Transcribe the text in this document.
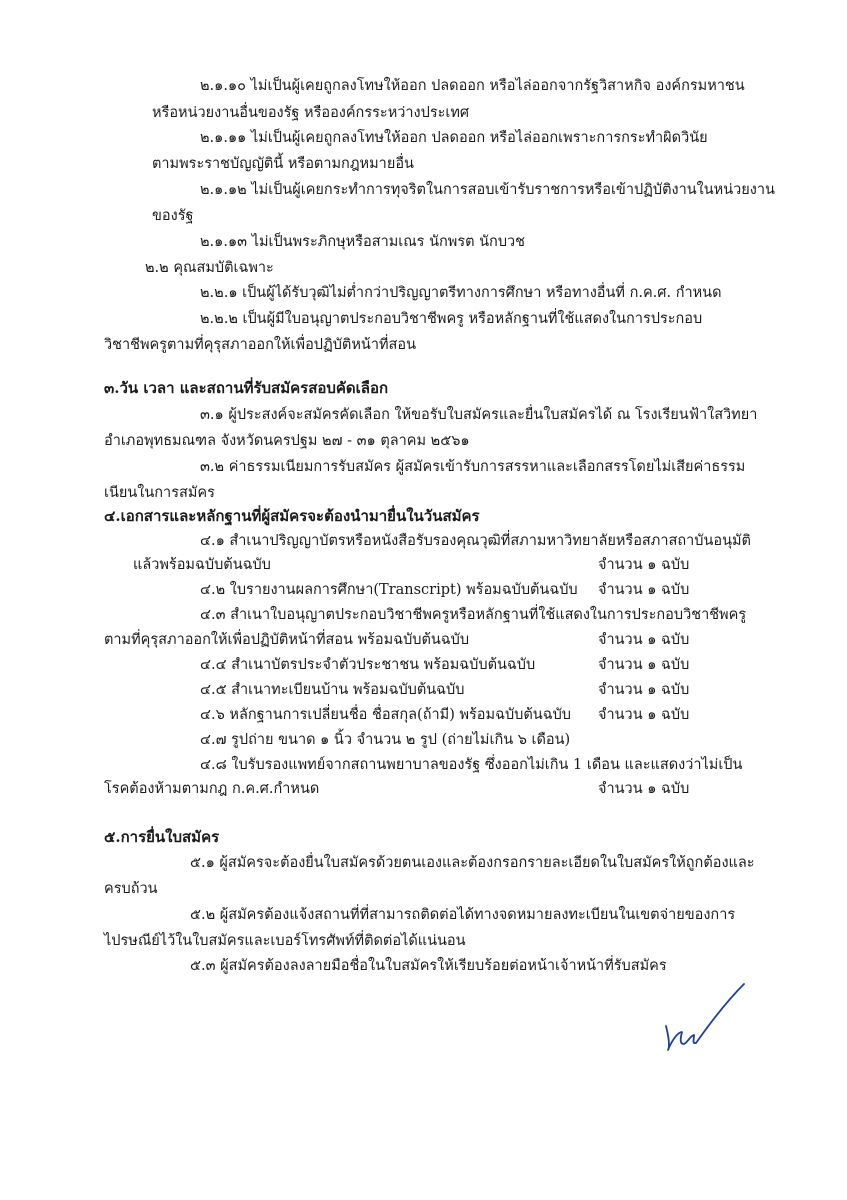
๒.๑.๑๐ ไม่เป็นผู้เคยถูกลงโทษให้ออก ปลดออก หรือไล่ออกจากรัฐวิสาหกิจ องค์กรมหาชน
หรือหน่วยงานอื่นของรัฐ หรือองค์กรระหว่างประเทศ
๒.๑.๑๑ ไม่เป็นผู้เคยถูกลงโทษให้ออก ปลดออก หรือไล่ออกเพราะการกระทำผิดวินัย
ตามพระราชบัญญัตินี้ หรือตามกฎหมายอื่น
๒.๑.๑๒ ไม่เป็นผู้เคยกระทำการทุจริตในการสอบเข้ารับราชการหรือเข้าปฏิบัติงานในหน่วยงาน
ของรัฐ
๒.๑.๑๓ ไม่เป็นพระภิกษุหรือสามเณร นักพรต นักบวช
๒.๒ คุณสมบัติเฉพาะ
๒.๒.๑ เป็นผู้ได้รับวุฒิไม่ต่ำกว่าปริญญาตรีทางการศึกษา หรือทางอื่นที่ ก.ค.ศ. กำหนด
๒.๒.๒ เป็นผู้มีใบอนุญาตประกอบวิชาชีพครู หรือหลักฐานที่ใช้แสดงในการประกอบ
วิชาชีพครูตามที่คุรุสภาออกให้เพื่อปฏิบัติหน้าที่สอน
๓.วัน เวลา และสถานที่รับสมัครสอบคัดเลือก
๓.๑ ผู้ประสงค์จะสมัครคัดเลือก ให้ขอรับใบสมัครและยื่นใบสมัครได้ ณ โรงเรียนฟ้าใสวิทยา
อำเภอพุทธมณฑล จังหวัดนครปฐม ๒๗ - ๓๑ ตุลาคม ๒๕๖๑
๓.๒ ค่าธรรมเนียมการรับสมัคร ผู้สมัครเข้ารับการสรรหาและเลือกสรรโดยไม่เสียค่าธรรม
เนียนในการสมัคร
๔.เอกสารและหลักฐานที่ผู้สมัครจะต้องนำมายื่นในวันสมัคร
๔.๑ สำเนาปริญญาบัตรหรือหนังสือรับรองคุณวุฒิที่สภามหาวิทยาลัยหรือสภาสถาบันอนุมัติ
แล้วพร้อมฉบับต้นฉบับ	จำนวน ๑ ฉบับ
๔.๒ ใบรายงานผลการศึกษา(Transcript) พร้อมฉบับต้นฉบับ จำนวน ๑ ฉบับ
๔.๓ สำเนาใบอนุญาตประกอบวิชาชีพครูหรือหลักฐานที่ใช้แสดงในการประกอบวิชาชีพครู
ตามที่คุรุสภาออกให้เพื่อปฏิบัติหน้าที่สอน พร้อมฉบับต้นฉบับ	จำนวน ๑ ฉบับ
๔.๔ สำเนาบัตรประจำตัวประชาชน พร้อมฉบับต้นฉบับ	จำนวน ๑ ฉบับ
๔.๕ สำเนาทะเบียนบ้าน พร้อมฉบับต้นฉบับ	จำนวน ๑ ฉบับ
๔.๖ หลักฐานการเปลี่ยนชื่อ ชื่อสกุล(ถ้ามี) พร้อมฉบับต้นฉบับ จำนวน ๑ ฉบับ
๔.๗ รูปถ่าย ขนาด ๑ นิ้ว จำนวน ๒ รูป (ถ่ายไม่เกิน ๖ เดือน)
๔.๘ ใบรับรองแพทย์จากสถานพยาบาลของรัฐ ซึ่งออกไม่เกิน 1 เดือน และแสดงว่าไม่เป็น
โรคต้องห้ามตามกฎ ก.ค.ศ.กำหนด	จำนวน ๑ ฉบับ
๕.การยื่นใบสมัคร
๕.๑ ผู้สมัครจะต้องยื่นใบสมัครด้วยตนเองและต้องกรอกรายละเอียดในใบสมัครให้ถูกต้องและ
ครบถ้วน
๕.๒ ผู้สมัครต้องแจ้งสถานที่ที่สามารถติดต่อได้ทางจดหมายลงทะเบียนในเขตจ่ายของการ
ไปรษณีย์ไว้ในใบสมัครและเบอร์โทรศัพท์ที่ติดต่อได้แน่นอน
๕.๓ ผู้สมัครต้องลงลายมือชื่อในใบสมัครให้เรียบร้อยต่อหน้าเจ้าหน้าที่รับสมัคร
